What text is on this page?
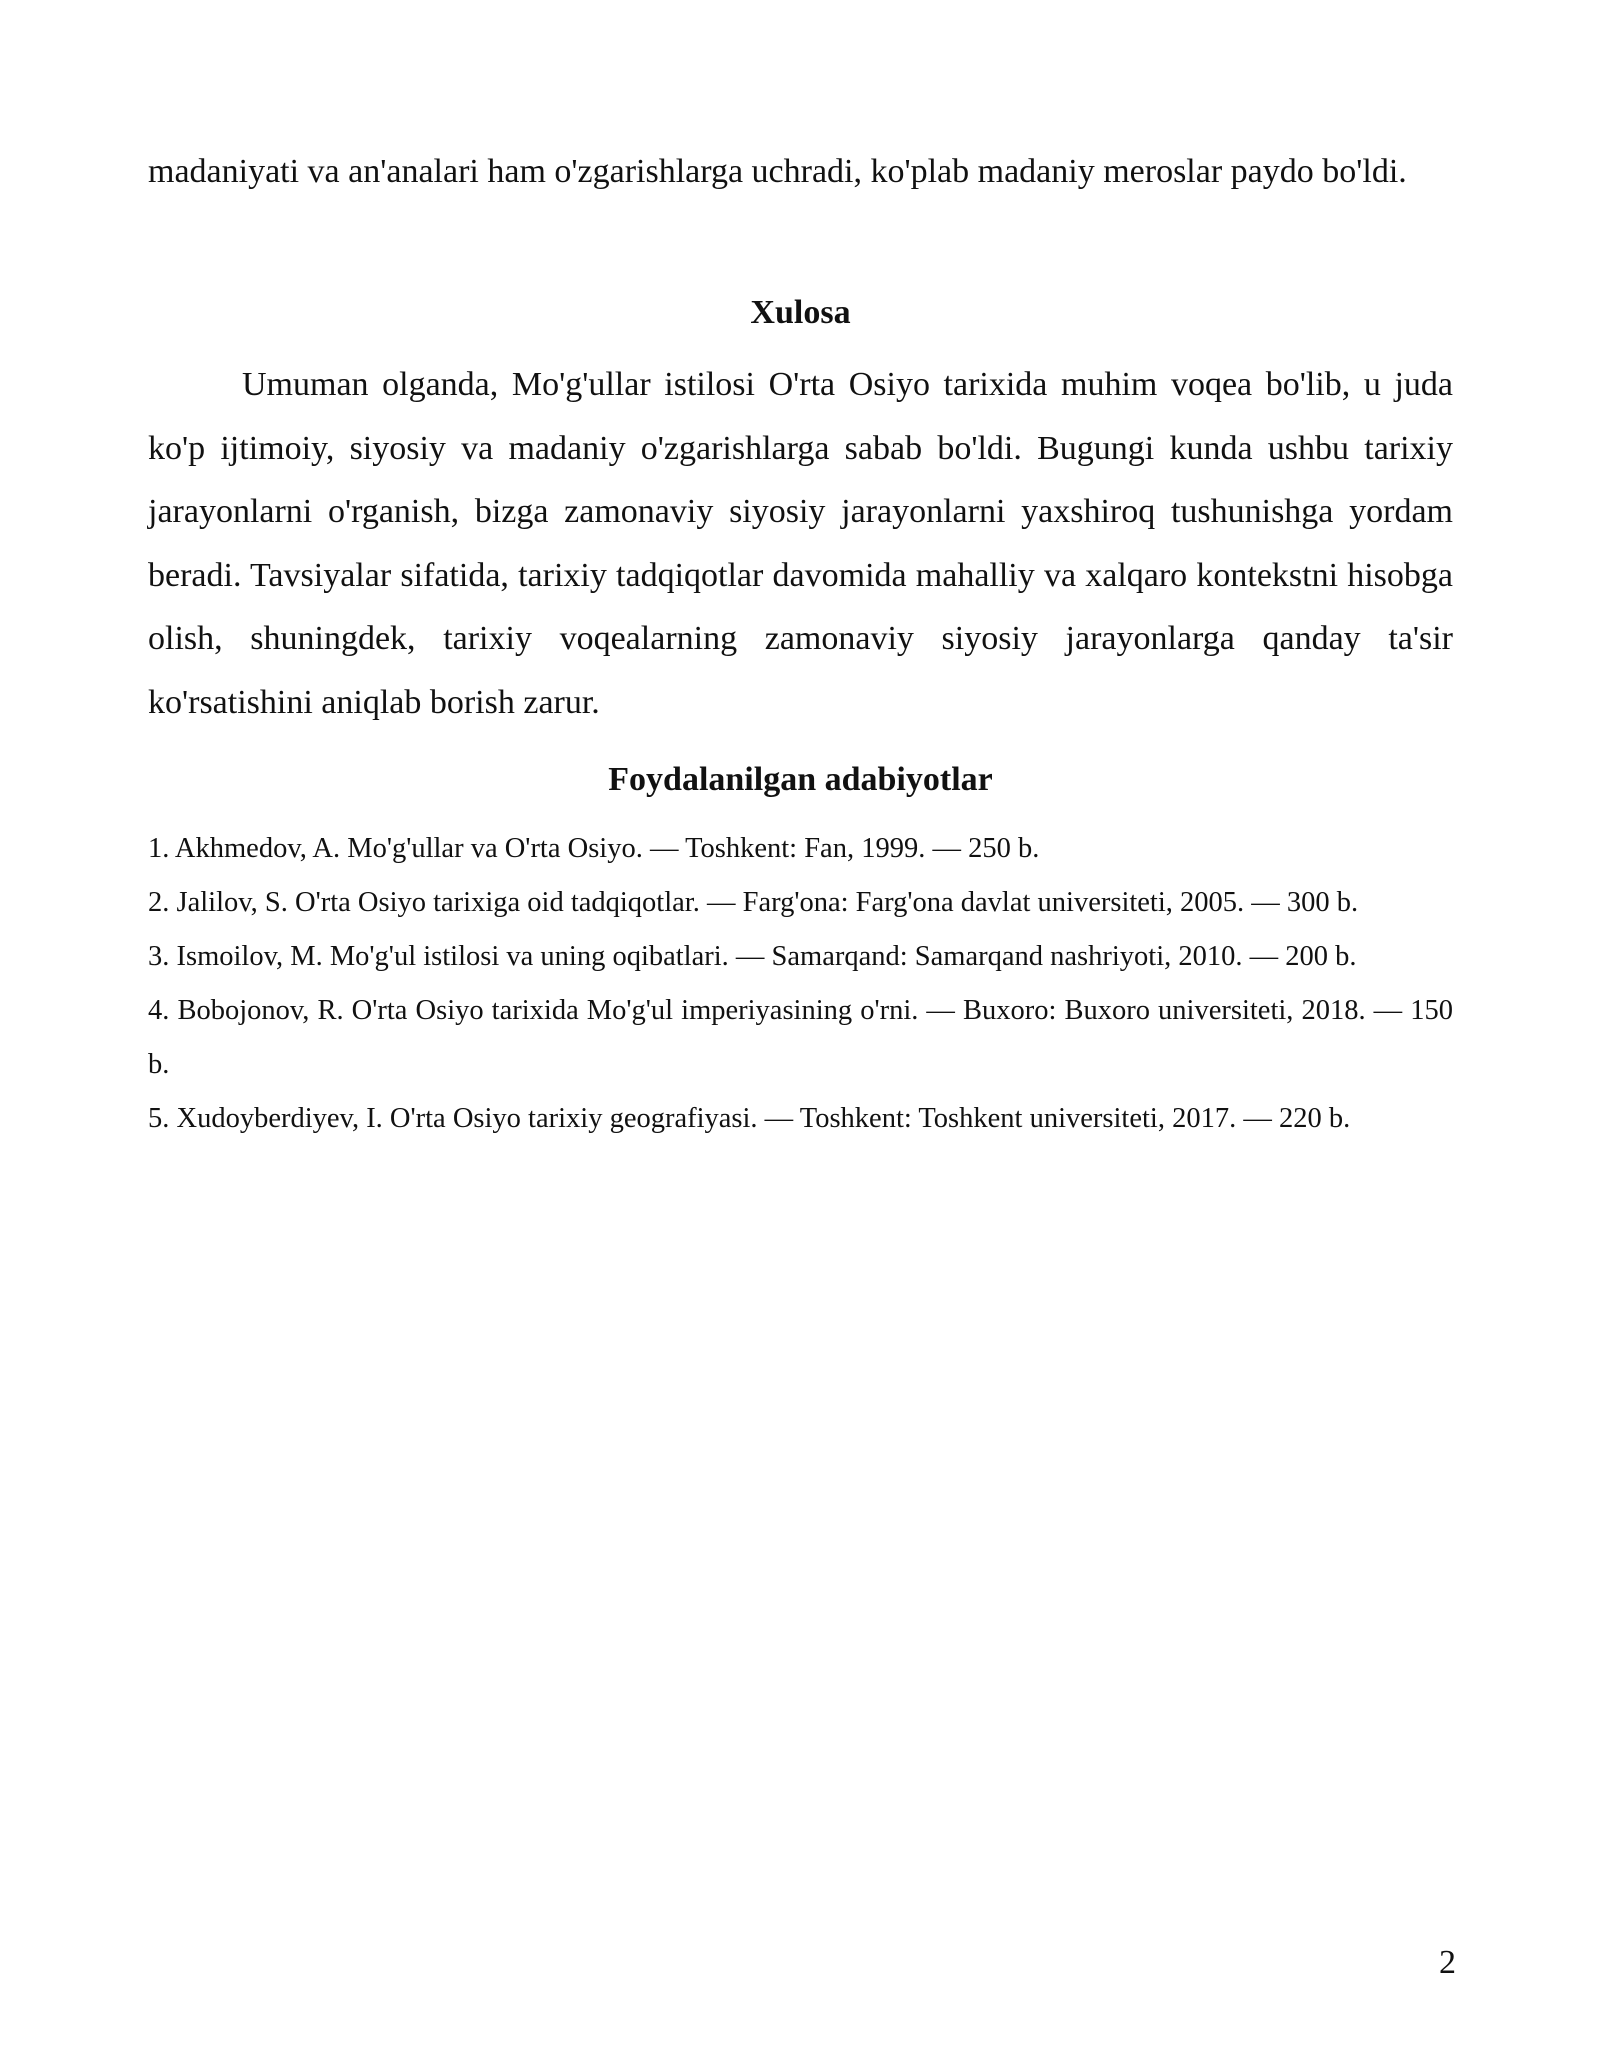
madaniyati va an'analari ham o'zgarishlarga uchradi, ko'plab madaniy meroslar paydo bo'ldi.

Xulosa

Umuman olganda, Mo'g'ullar istilosi O'rta Osiyo tarixida muhim voqea bo'lib, u juda ko'p ijtimoiy, siyosiy va madaniy o'zgarishlarga sabab bo'ldi. Bugungi kunda ushbu tarixiy jarayonlarni o'rganish, bizga zamonaviy siyosiy jarayonlarni yaxshiroq tushunishga yordam beradi. Tavsiyalar sifatida, tarixiy tadqiqotlar davomida mahalliy va xalqaro kontekstni hisobga olish, shuningdek, tarixiy voqealarning zamonaviy siyosiy jarayonlarga qanday ta'sir ko'rsatishini aniqlab borish zarur.

Foydalanilgan adabiyotlar
1. Akhmedov, A. Mo'g'ullar va O'rta Osiyo. — Toshkent: Fan, 1999. — 250 b.
2. Jalilov, S. O'rta Osiyo tarixiga oid tadqiqotlar. — Farg'ona: Farg'ona davlat universiteti, 2005. — 300 b.
3. Ismoilov, M. Mo'g'ul istilosi va uning oqibatlari. — Samarqand: Samarqand nashriyoti, 2010. — 200 b.
4. Bobojonov, R. O'rta Osiyo tarixida Mo'g'ul imperiyasining o'rni. — Buxoro: Buxoro universiteti, 2018. — 150 b.
5. Xudoyberdiyev, I. O'rta Osiyo tarixiy geografiyasi. — Toshkent: Toshkent universiteti, 2017. — 220 b.
2
